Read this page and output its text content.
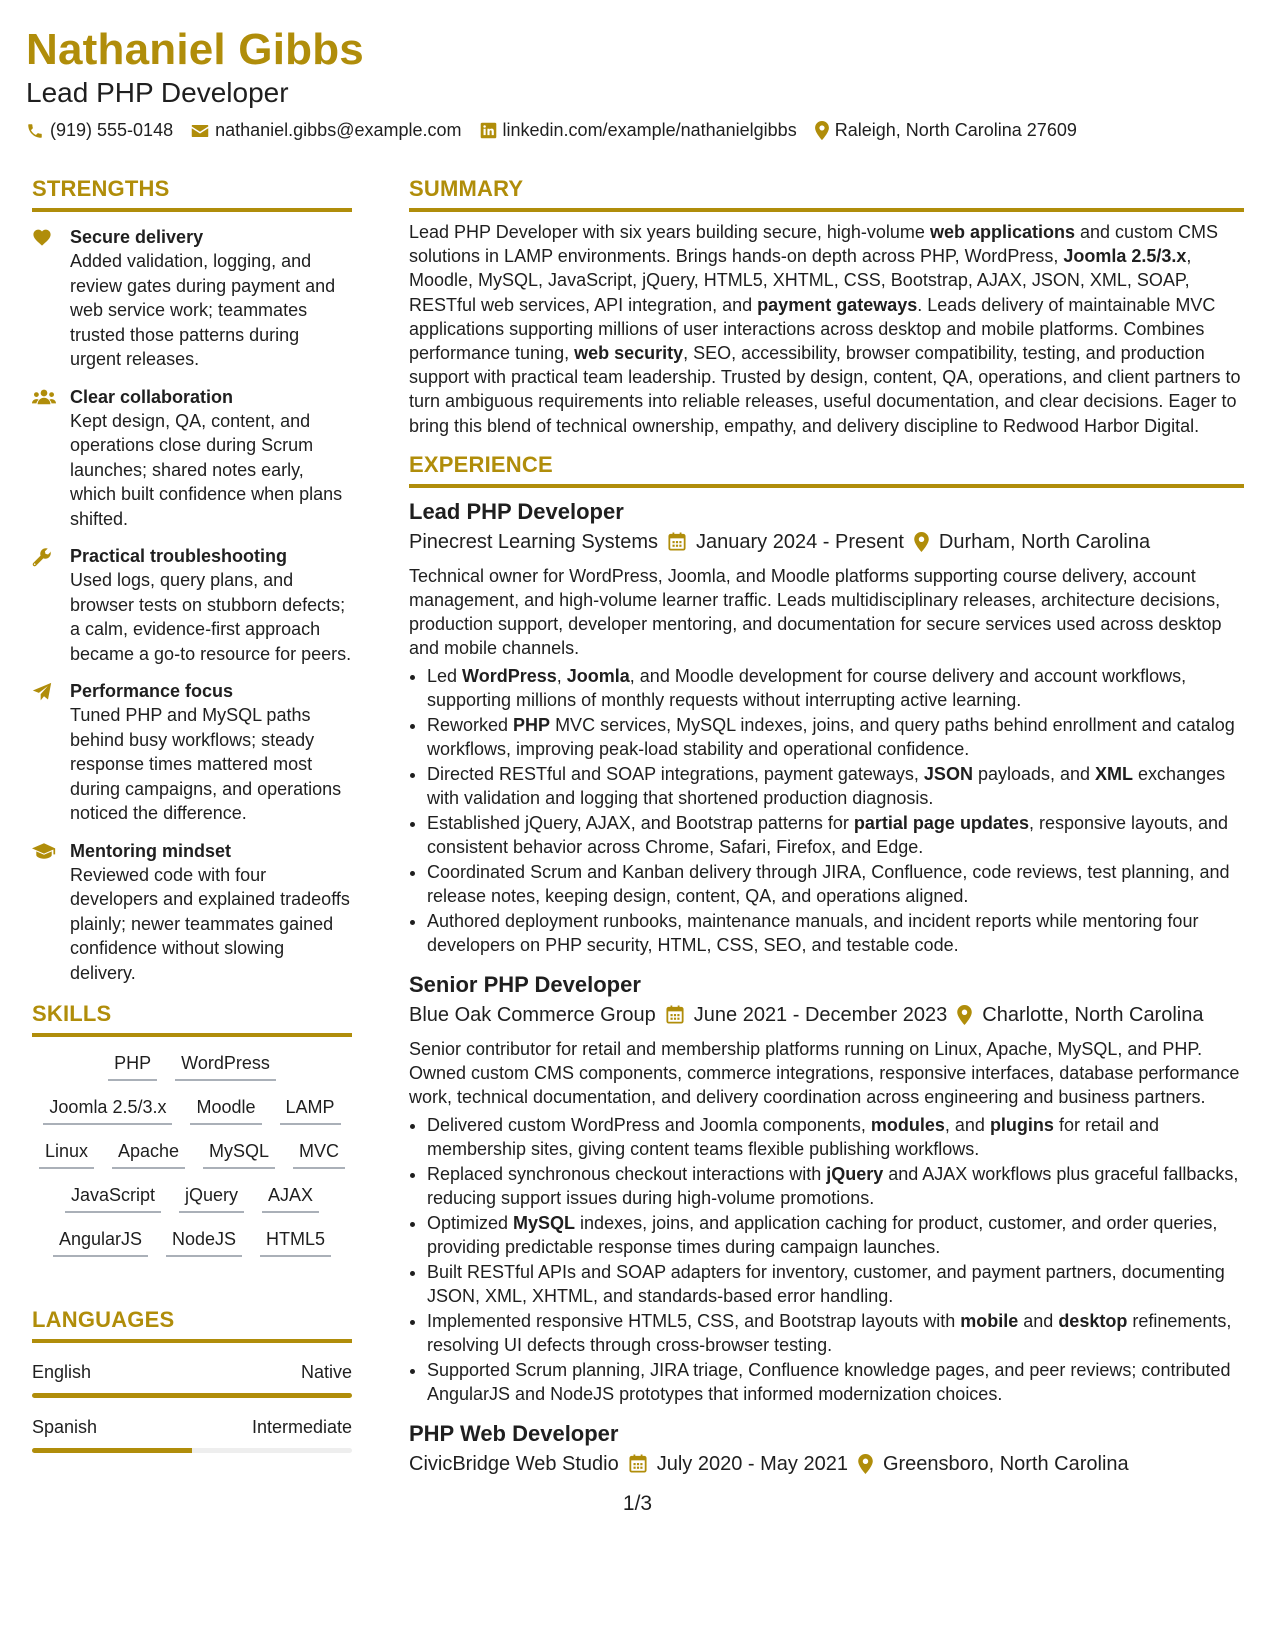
Nathaniel Gibbs
Lead PHP Developer
(919) 555-0148 nathaniel.gibbs@example.com linkedin.com/example/nathanielgibbs Raleigh, North Carolina 27609
STRENGTHS
Secure delivery
Added validation, logging, and review gates during payment and web service work; teammates trusted those patterns during urgent releases.
Clear collaboration
Kept design, QA, content, and operations close during Scrum launches; shared notes early, which built confidence when plans shifted.
Practical troubleshooting
Used logs, query plans, and browser tests on stubborn defects; a calm, evidence-first approach became a go-to resource for peers.
Performance focus
Tuned PHP and MySQL paths behind busy workflows; steady response times mattered most during campaigns, and operations noticed the difference.
Mentoring mindset
Reviewed code with four developers and explained tradeoffs plainly; newer teammates gained confidence without slowing delivery.
SKILLS
PHP	WordPress
Joomla 2.5/3.x	Moodle	LAMP
Linux	Apache	MySQL	MVC
JavaScript	jQuery	AJAX
AngularJS	NodeJS	HTML5
LANGUAGES
English	Native
Spanish	Intermediate
SUMMARY
Lead PHP Developer with six years building secure, high-volume web applications and custom CMS solutions in LAMP environments. Brings hands-on depth across PHP, WordPress, Joomla 2.5/3.x, Moodle, MySQL, JavaScript, jQuery, HTML5, XHTML, CSS, Bootstrap, AJAX, JSON, XML, SOAP, RESTful web services, API integration, and payment gateways. Leads delivery of maintainable MVC applications supporting millions of user interactions across desktop and mobile platforms. Combines performance tuning, web security, SEO, accessibility, browser compatibility, testing, and production support with practical team leadership. Trusted by design, content, QA, operations, and client partners to turn ambiguous requirements into reliable releases, useful documentation, and clear decisions. Eager to bring this blend of technical ownership, empathy, and delivery discipline to Redwood Harbor Digital.
EXPERIENCE
Lead PHP Developer
Pinecrest Learning Systems January 2024 - Present Durham, North Carolina
Technical owner for WordPress, Joomla, and Moodle platforms supporting course delivery, account management, and high-volume learner traffic. Leads multidisciplinary releases, architecture decisions, production support, developer mentoring, and documentation for secure services used across desktop and mobile channels.
• Led WordPress, Joomla, and Moodle development for course delivery and account workflows, supporting millions of monthly requests without interrupting active learning.
• Reworked PHP MVC services, MySQL indexes, joins, and query paths behind enrollment and catalog workflows, improving peak-load stability and operational confidence.
• Directed RESTful and SOAP integrations, payment gateways, JSON payloads, and XML exchanges with validation and logging that shortened production diagnosis.
• Established jQuery, AJAX, and Bootstrap patterns for partial page updates, responsive layouts, and consistent behavior across Chrome, Safari, Firefox, and Edge.
• Coordinated Scrum and Kanban delivery through JIRA, Confluence, code reviews, test planning, and release notes, keeping design, content, QA, and operations aligned.
• Authored deployment runbooks, maintenance manuals, and incident reports while mentoring four developers on PHP security, HTML, CSS, SEO, and testable code.
Senior PHP Developer
Blue Oak Commerce Group June 2021 - December 2023 Charlotte, North Carolina
Senior contributor for retail and membership platforms running on Linux, Apache, MySQL, and PHP. Owned custom CMS components, commerce integrations, responsive interfaces, database performance work, technical documentation, and delivery coordination across engineering and business partners.
• Delivered custom WordPress and Joomla components, modules, and plugins for retail and membership sites, giving content teams flexible publishing workflows.
• Replaced synchronous checkout interactions with jQuery and AJAX workflows plus graceful fallbacks, reducing support issues during high-volume promotions.
• Optimized MySQL indexes, joins, and application caching for product, customer, and order queries, providing predictable response times during campaign launches.
• Built RESTful APIs and SOAP adapters for inventory, customer, and payment partners, documenting JSON, XML, XHTML, and standards-based error handling.
• Implemented responsive HTML5, CSS, and Bootstrap layouts with mobile and desktop refinements, resolving UI defects through cross-browser testing.
• Supported Scrum planning, JIRA triage, Confluence knowledge pages, and peer reviews; contributed AngularJS and NodeJS prototypes that informed modernization choices.
PHP Web Developer
CivicBridge Web Studio July 2020 - May 2021 Greensboro, North Carolina
1/3
